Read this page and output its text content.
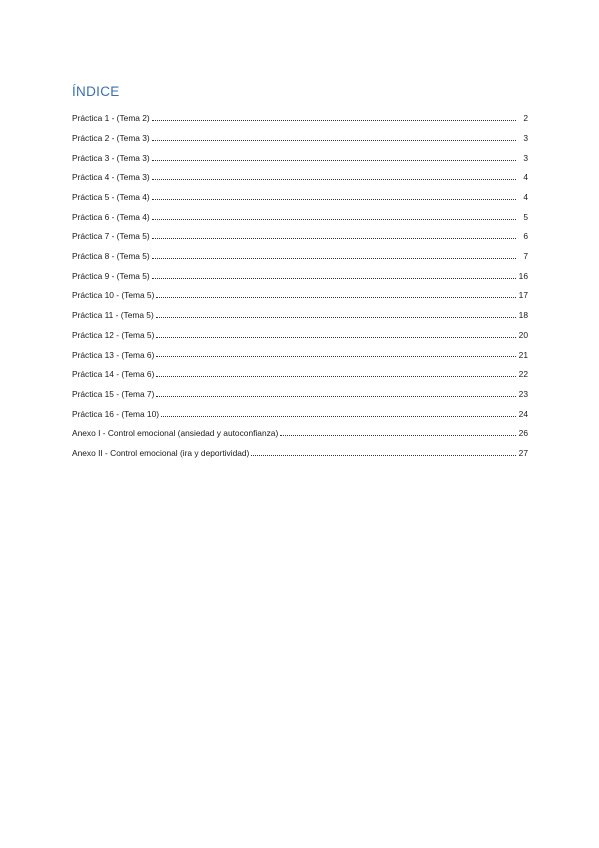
ÍNDICE
Práctica 1 - (Tema 2)	2
Práctica 2 - (Tema 3)	3
Práctica 3 - (Tema 3)	3
Práctica 4 - (Tema 3)	4
Práctica 5 - (Tema 4)	4
Práctica 6 - (Tema 4)	5
Práctica 7 - (Tema 5)	6
Práctica 8 - (Tema 5)	7
Práctica 9 - (Tema 5)	16
Práctica 10 - (Tema 5)	17
Práctica 11 - (Tema 5)	18
Práctica 12 - (Tema 5)	20
Práctica 13 - (Tema 6)	21
Práctica 14 - (Tema 6)	22
Práctica 15 - (Tema 7)	23
Práctica 16 - (Tema 10)	24
Anexo I - Control emocional (ansiedad y autoconfianza)	26
Anexo II - Control emocional (ira y deportividad)	27
